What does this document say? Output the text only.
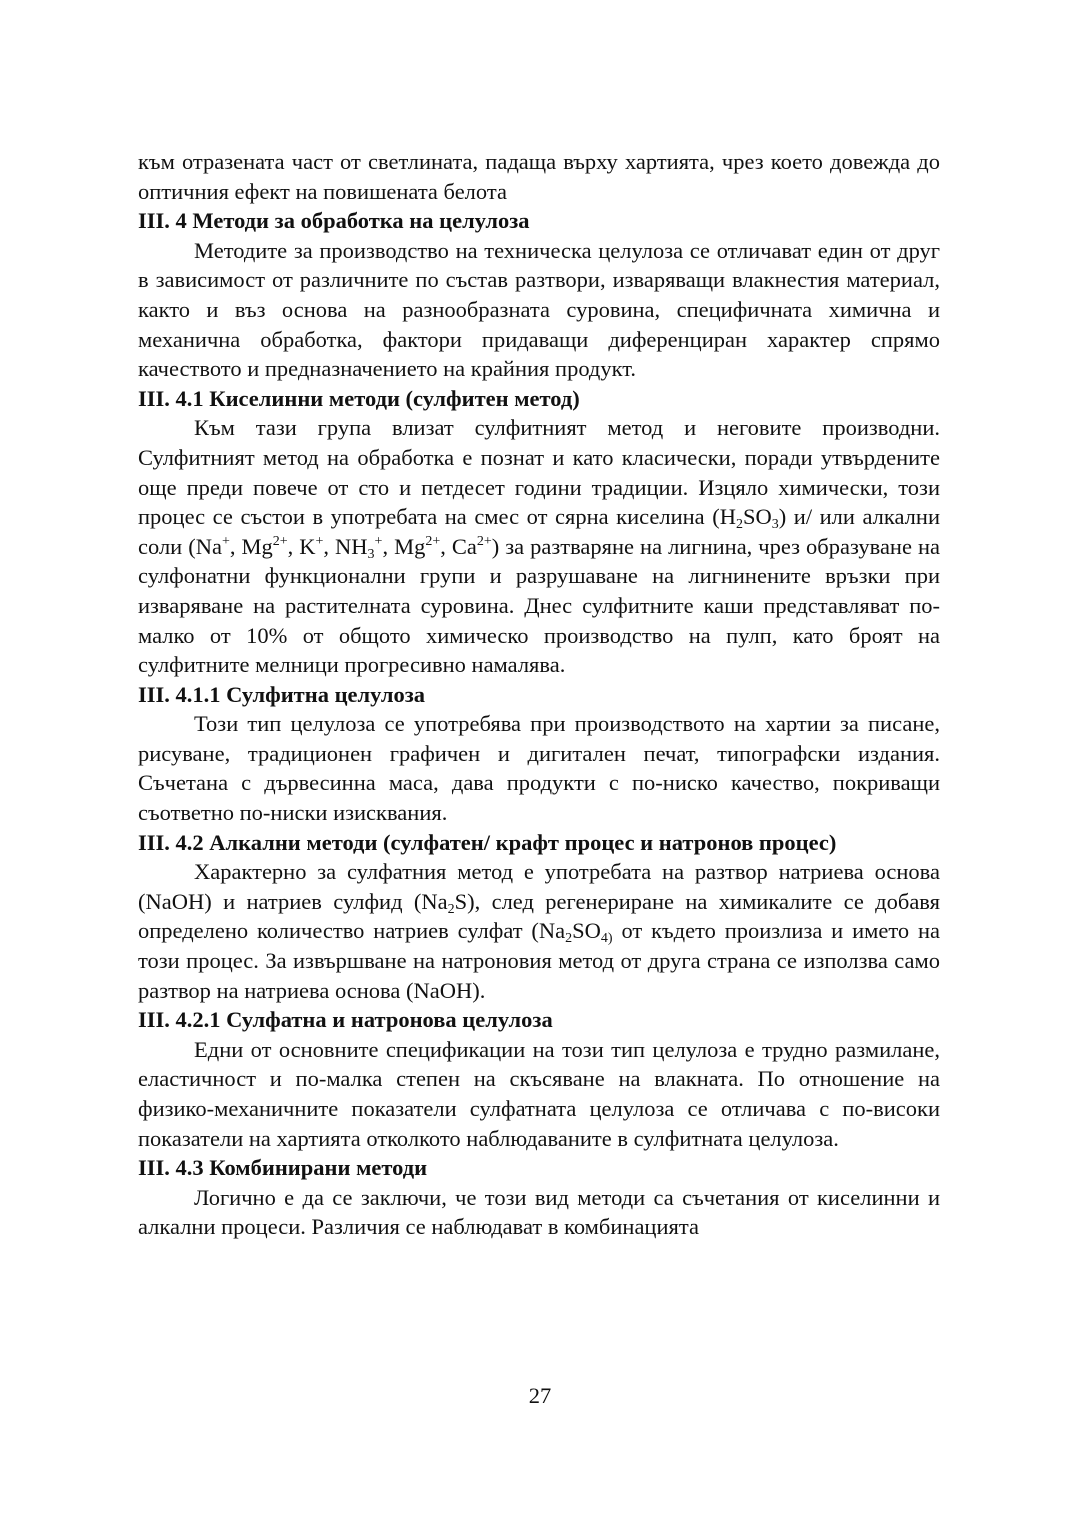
към отразената част от светлината, падаща върху хартията, чрез което довежда до оптичния ефект на повишената белота

III. 4 Методи за обработка на целулоза

Методите за производство на техническа целулоза се отличават един от друг в зависимост от различните по състав разтвори, изваряващи влакнестия материал, както и въз основа на разнообразната суровина, специфичната химична и механична обработка, фактори придаващи диференциран характер спрямо качеството и предназначението на крайния продукт.

III. 4.1 Киселинни методи (сулфитен метод)

Към тази група влизат сулфитният метод и неговите производни. Сулфитният метод на обработка е познат и като класически, поради утвърдените още преди повече от сто и петдесет години традиции. Изцяло химически, този процес се състои в употребата на смес от сярна киселина $(H_2SO_3)$ и/ или алкални соли (Na+, $Mg^{2+}$, K+, $NH_3^+$, $Mg^{2+}$, $Ca^{2+}$) за разтваряне на лигнина, чрез образуване на сулфонатни функционални групи и разрушаване на лигнинените връзки при изваряване на растителната суровина. Днес сулфитните каши представляват по-малко от 10% от общото химическо производство на пулп, като броят на сулфитните мелници прогресивно намалява.

III. 4.1.1 Сулфитна целулоза

Този тип целулоза се употребява при производството на хартии за писане, рисуване, традиционен графичен и дигитален печат, типографски издания. Съчетана с дървесинна маса, дава продукти с по-ниско качество, покриващи съответно по-ниски изисквания.

III. 4.2 Алкални методи (сулфатен/ крафт процес и натронов процес)

Характерно за сулфатния метод е употребата на разтвор натриева основа (NaOH) и натриев сулфид $(Na_2S)$, след регенериране на химикалите се добавя определено количество натриев сулфат ($Na_2SO_{4)}$ от където произлиза и името на този процес. За извършване на натроновия метод от друга страна се използва само разтвор на натриева основа (NaOH).

III. 4.2.1 Сулфатна и натронова целулоза

Едни от основните спецификации на този тип целулоза е трудно размилане, еластичност и по-малка степен на скъсяване на влакната. По отношение на физико-механичните показатели сулфатната целулоза се отличава с по-високи показатели на хартията отколкото наблюдаваните в сулфитната целулоза.

III. 4.3 Комбинирани методи

Логично е да се заключи, че този вид методи са съчетания от киселинни и алкални процеси. Различия се наблюдават в комбинацията

27
